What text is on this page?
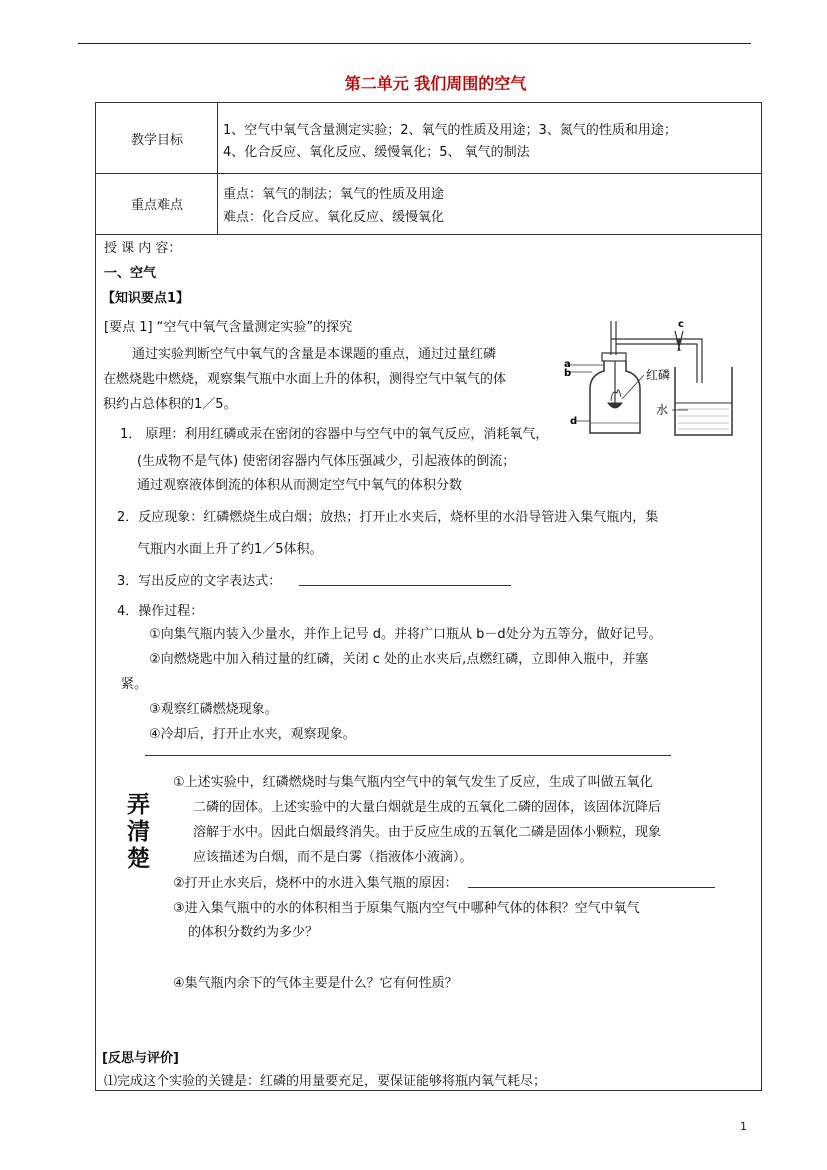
第二单元 我们周围的空气
教学目标
1、空气中氧气含量测定实验；2、氧气的性质及用途；3、氮气的性质和用途；
4、化合反应、氧化反应、缓慢氧化；5、 氧气的制法
重点难点
重点：氧气的制法；氧气的性质及用途
难点：化合反应、氧化反应、缓慢氧化
授 课 内 容：
一、空气
【知识要点1】
[要点 1] “空气中氧气含量测定实验”的探究
通过实验判断空气中氧气的含量是本课题的重点，通过过量红磷
在燃烧匙中燃烧，观察集气瓶中水面上升的体积，测得空气中氧气的体
积约占总体积的1／5。
1． 原理：利用红磷或汞在密闭的容器中与空气中的氧气反应，消耗氧气，
(生成物不是气体) 使密闭容器内气体压强减少，引起液体的倒流；
通过观察液体倒流的体积从而测定空气中氧气的体积分数
2．反应现象：红磷燃烧生成白烟；放热；打开止水夹后，烧杯里的水沿导管进入集气瓶内，集
气瓶内水面上升了约1／5体积。
3．写出反应的文字表达式：
4．操作过程：
①向集气瓶内装入少量水，并作上记号 d。并将广口瓶从 b－d处分为五等分，做好记号。
②向燃烧匙中加入稍过量的红磷，关闭 c 处的止水夹后,点燃红磷，立即伸入瓶中，并塞
紧。
③观察红磷燃烧现象。
④冷却后，打开止水夹，观察现象。
弄
清
楚
①上述实验中，红磷燃烧时与集气瓶内空气中的氧气发生了反应，生成了叫做五氧化
二磷的固体。上述实验中的大量白烟就是生成的五氧化二磷的固体，该固体沉降后
溶解于水中。因此白烟最终消失。由于反应生成的五氧化二磷是固体小颗粒，现象
应该描述为白烟，而不是白雾（指液体小液滴）。
②打开止水夹后，烧杯中的水进入集气瓶的原因：
③进入集气瓶中的水的体积相当于原集气瓶内空气中哪种气体的体积？空气中氧气
的体积分数约为多少？
④集气瓶内余下的气体主要是什么？它有何性质？
[反思与评价]
⑴完成这个实验的关键是：红磷的用量要充足，要保证能够将瓶内氧气耗尽；
a
b
c
d
红磷
水
1
